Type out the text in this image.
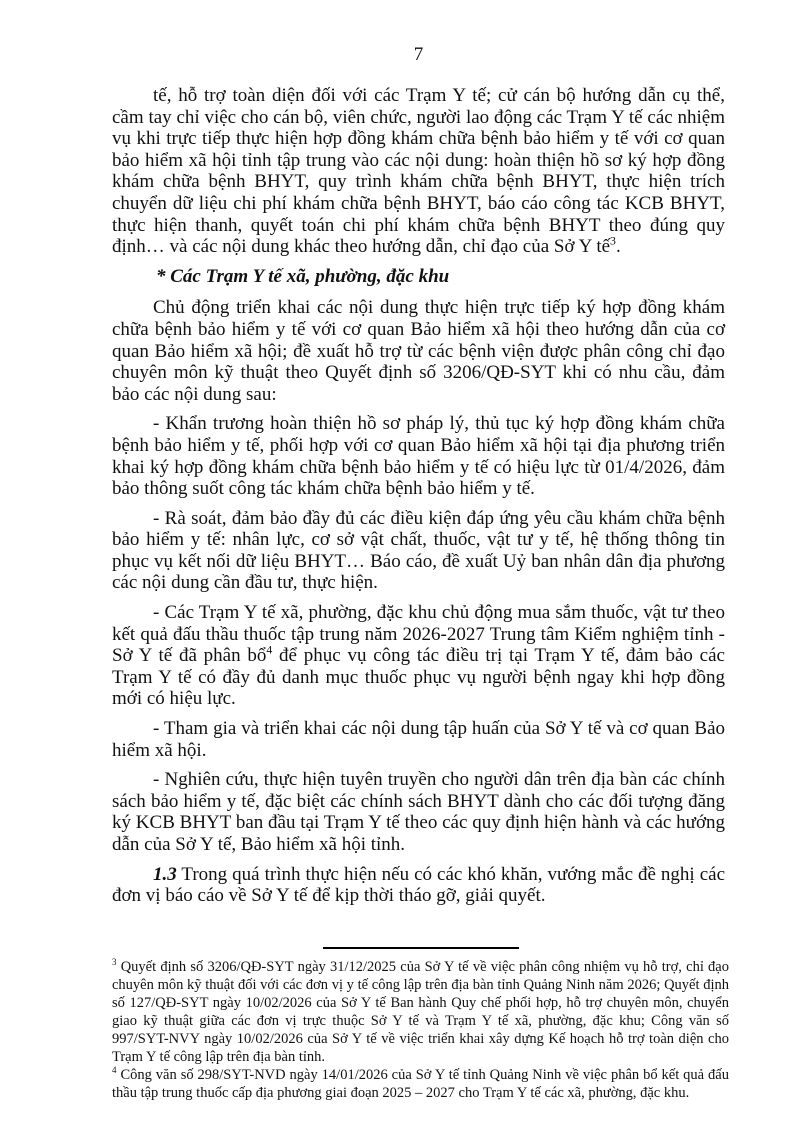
7

tế, hỗ trợ toàn diện đối với các Trạm Y tế; cử cán bộ hướng dẫn cụ thể, cầm tay chỉ việc cho cán bộ, viên chức, người lao động các Trạm Y tế các nhiệm vụ khi trực tiếp thực hiện hợp đồng khám chữa bệnh bảo hiểm y tế với cơ quan bảo hiểm xã hội tỉnh tập trung vào các nội dung: hoàn thiện hồ sơ ký hợp đồng khám chữa bệnh BHYT, quy trình khám chữa bệnh BHYT, thực hiện trích chuyển dữ liệu chi phí khám chữa bệnh BHYT, báo cáo công tác KCB BHYT, thực hiện thanh, quyết toán chi phí khám chữa bệnh BHYT theo đúng quy định… và các nội dung khác theo hướng dẫn, chỉ đạo của Sở Y tế$^3$.

* Các Trạm Y tế xã, phường, đặc khu

Chủ động triển khai các nội dung thực hiện trực tiếp ký hợp đồng khám chữa bệnh bảo hiểm y tế với cơ quan Bảo hiểm xã hội theo hướng dẫn của cơ quan Bảo hiểm xã hội; đề xuất hỗ trợ từ các bệnh viện được phân công chỉ đạo chuyên môn kỹ thuật theo Quyết định số 3206/QĐ-SYT khi có nhu cầu, đảm bảo các nội dung sau:

- Khẩn trương hoàn thiện hồ sơ pháp lý, thủ tục ký hợp đồng khám chữa bệnh bảo hiểm y tế, phối hợp với cơ quan Bảo hiểm xã hội tại địa phương triển khai ký hợp đồng khám chữa bệnh bảo hiểm y tế có hiệu lực từ 01/4/2026, đảm bảo thông suốt công tác khám chữa bệnh bảo hiểm y tế.

- Rà soát, đảm bảo đầy đủ các điều kiện đáp ứng yêu cầu khám chữa bệnh bảo hiểm y tế: nhân lực, cơ sở vật chất, thuốc, vật tư y tế, hệ thống thông tin phục vụ kết nối dữ liệu BHYT… Báo cáo, đề xuất Uỷ ban nhân dân địa phương các nội dung cần đầu tư, thực hiện.

- Các Trạm Y tế xã, phường, đặc khu chủ động mua sắm thuốc, vật tư theo kết quả đấu thầu thuốc tập trung năm 2026-2027 Trung tâm Kiểm nghiệm tỉnh - Sở Y tế đã phân bổ$^4$ để phục vụ công tác điều trị tại Trạm Y tế, đảm bảo các Trạm Y tế có đầy đủ danh mục thuốc phục vụ người bệnh ngay khi hợp đồng mới có hiệu lực.

- Tham gia và triển khai các nội dung tập huấn của Sở Y tế và cơ quan Bảo hiểm xã hội.

- Nghiên cứu, thực hiện tuyên truyền cho người dân trên địa bàn các chính sách bảo hiểm y tế, đặc biệt các chính sách BHYT dành cho các đối tượng đăng ký KCB BHYT ban đầu tại Trạm Y tế theo các quy định hiện hành và các hướng dẫn của Sở Y tế, Bảo hiểm xã hội tỉnh.

1.3 Trong quá trình thực hiện nếu có các khó khăn, vướng mắc đề nghị các đơn vị báo cáo về Sở Y tế để kịp thời tháo gỡ, giải quyết.

$^3$ Quyết định số 3206/QĐ-SYT ngày 31/12/2025 của Sở Y tế về việc phân công nhiệm vụ hỗ trợ, chỉ đạo chuyên môn kỹ thuật đối với các đơn vị y tế công lập trên địa bàn tỉnh Quảng Ninh năm 2026; Quyết định số 127/QĐ-SYT ngày 10/02/2026 của Sở Y tế Ban hành Quy chế phối hợp, hỗ trợ chuyên môn, chuyển giao kỹ thuật giữa các đơn vị trực thuộc Sở Y tế và Trạm Y tế xã, phường, đặc khu; Công văn số 997/SYT-NVY ngày 10/02/2026 của Sở Y tế về việc triển khai xây dựng Kế hoạch hỗ trợ toàn diện cho Trạm Y tế công lập trên địa bàn tỉnh.

$^4$ Công văn số 298/SYT-NVD ngày 14/01/2026 của Sở Y tế tỉnh Quảng Ninh về việc phân bổ kết quả đấu thầu tập trung thuốc cấp địa phương giai đoạn 2025 – 2027 cho Trạm Y tế các xã, phường, đặc khu.
